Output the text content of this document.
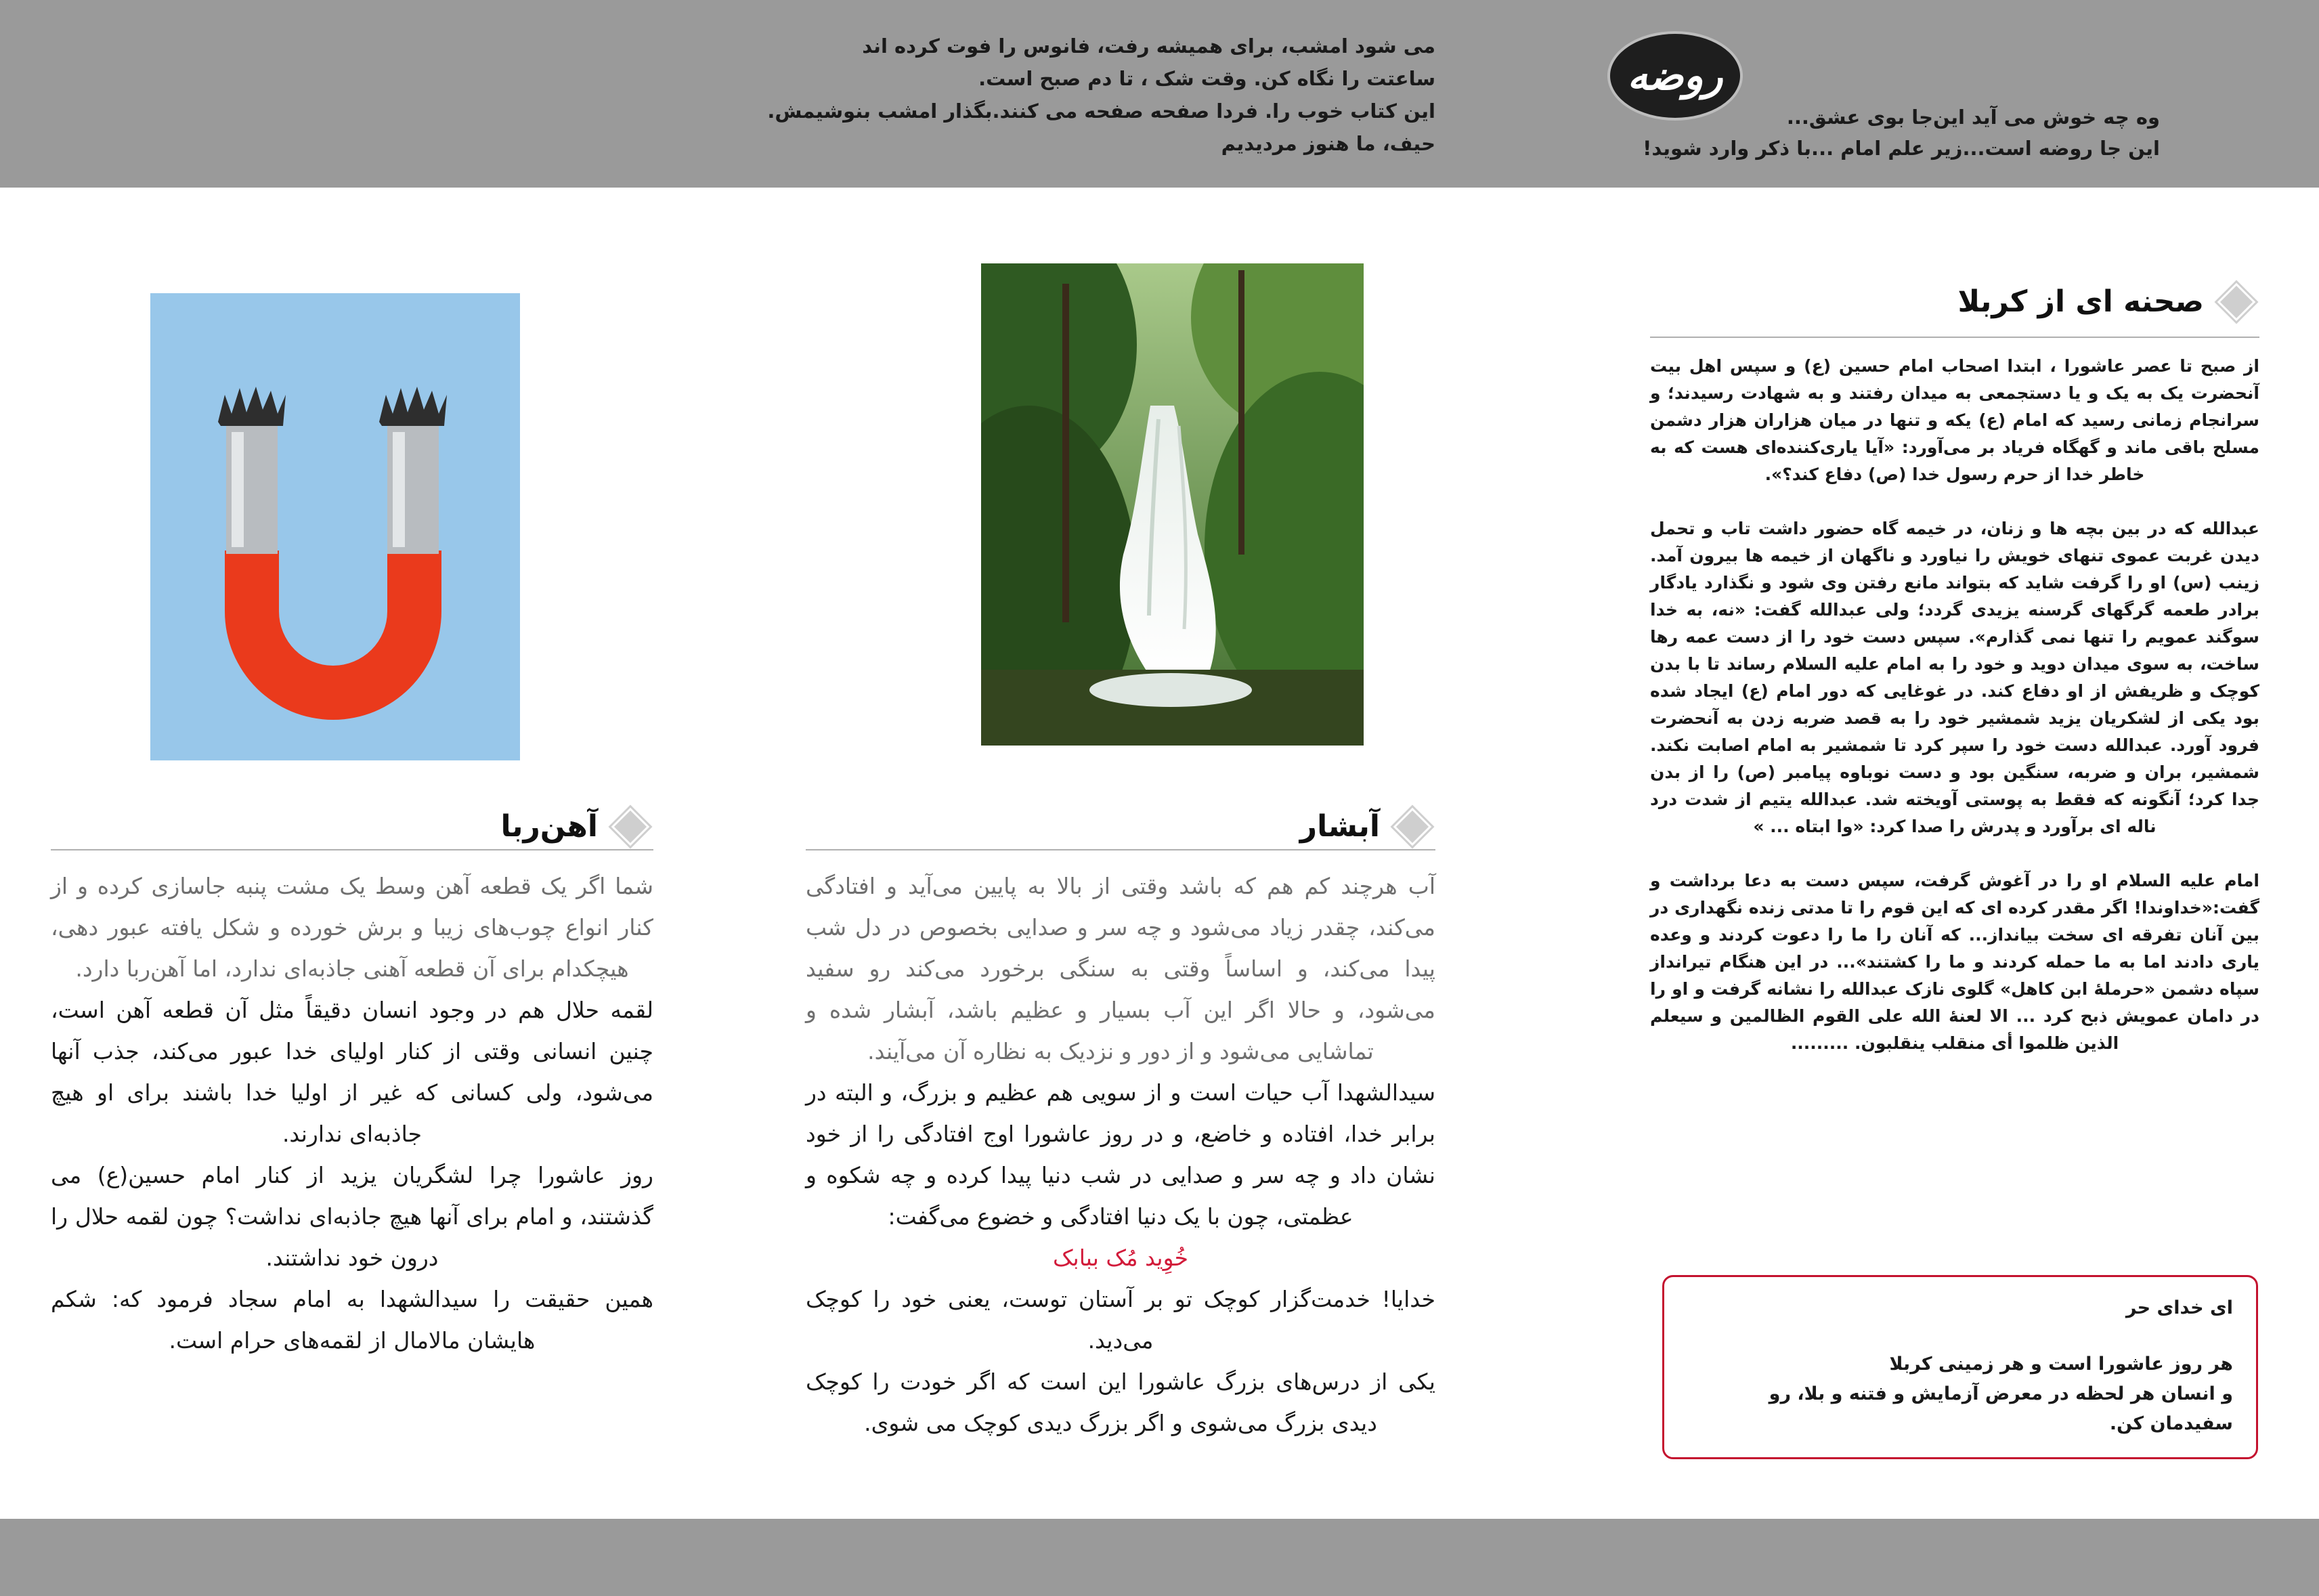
روضه
وه چه خوش می آید این‌جا بوی عشق...
این جا روضه است...زیر علم امام ...با ذکر وارد شوید!
می شود امشب، برای همیشه رفت، فانوس را فوت کرده اند
ساعتت را نگاه کن. وقت شک ، تا دم صبح است.
این کتاب خوب را. فردا صفحه صفحه می کنند.بگذار امشب بنوشیمش.
حیف، ما هنوز مردیدیم
صحنه ای از کربلا

از صبح تا عصر عاشورا ، ابتدا اصحاب امام حسین (ع) و سپس اهل بیت آنحضرت یک به یک و یا دستجمعی به میدان رفتند و به شهادت رسیدند؛ و سرانجام زمانی رسید که امام (ع) یکه و تنها در میان هزاران هزار دشمن مسلح باقی ماند و گهگاه فریاد بر می‌آورد: «آیا یاری‌کننده‌ای هست که به خاطر خدا از حرم رسول خدا (ص) دفاع کند؟».

عبدالله که در بین بچه ها و زنان، در خیمه گاه حضور داشت تاب و تحمل دیدن غربت عموی تنهای خویش را نیاورد و ناگهان از خیمه ها بیرون آمد. زینب (س) او را گرفت شاید که بتواند مانع رفتن وی شود و نگذارد یادگار برادر طعمه گرگهای گرسنه یزیدی گردد؛ ولی عبدالله گفت: «نه، به خدا سوگند عمویم را تنها نمی گذارم». سپس دست خود را از دست عمه رها ساخت، به سوی میدان دوید و خود را به امام علیه السلام رساند تا با بدن کوچک و ظریفش از او دفاع کند. در غوغایی که دور امام (ع) ایجاد شده بود یکی از لشکریان یزید شمشیر خود را به قصد ضربه زدن به آنحضرت فرود آورد. عبدالله دست خود را سپر کرد تا شمشیر به امام اصابت نکند. شمشیر، بران و ضربه، سنگین بود و دست نوباوه پیامبر (ص) را از بدن جدا کرد؛ آنگونه که فقط به پوستی آویخته شد. عبدالله یتیم از شدت درد ناله ای برآورد و پدرش را صدا کرد: «وا ابتاه ... »

امام علیه السلام او را در آغوش گرفت، سپس دست به دعا برداشت و گفت:«خداوندا! اگر مقدر کرده ای که این قوم را تا مدتی زنده نگهداری در بین آنان تفرقه ای سخت بیانداز... که آنان را ما را دعوت کردند و وعده یاری دادند اما به ما حمله کردند و ما را کشتند»... در این هنگام تیرانداز سپاه دشمن «حرملهٔ ابن کاهل» گلوی نازک عبدالله را نشانه گرفت و او را در دامان عمویش ذبح کرد ... الا لعنهٔ الله علی القوم الظالمین و سیعلم الذین ظلموا أی منقلب ینقلبون. .........

ای خدای حر
هر روز عاشورا است و هر زمینی کربلا
و انسان هر لحظه در معرض آزمایش و فتنه و بلا، رو سفیدمان کن.
آبشار

آب هرچند کم هم که باشد وقتی از بالا به پایین می‌آید و افتادگی می‌کند، چقدر زیاد می‌شود و چه سر و صدایی بخصوص در دل شب پیدا می‌کند، و اساساً وقتی به سنگی برخورد می‌کند رو سفید می‌شود، و حالا اگر این آب بسیار و عظیم باشد، آبشار شده و تماشایی می‌شود و از دور و نزدیک به نظاره آن می‌آیند.

سیدالشهدا آب حیات است و از سویی هم عظیم و بزرگ، و البته در برابر خدا، افتاده و خاضع، و در روز عاشورا اوج افتادگی را از خود نشان داد و چه سر و صدایی در شب دنیا پیدا کرده و چه شکوه و عظمتی، چون با یک دنیا افتادگی و خضوع می‌گفت:

خُوِید مُک ببابک

خدایا! خدمت‌گزار کوچک تو بر آستان توست، یعنی خود را کوچک می‌دید.

یکی از درس‌های بزرگ عاشورا این است که اگر خودت را کوچک دیدی بزرگ می‌شوی و اگر بزرگ دیدی کوچک می شوی.

آهن‌ربا

شما اگر یک قطعه آهن وسط یک مشت پنبه جاسازی کرده و از کنار انواع چوب‌های زیبا و برش خورده و شکل یافته عبور دهی، هیچکدام برای آن قطعه آهنی جاذبه‌ای ندارد، اما آهن‌ربا دارد.

لقمه حلال هم در وجود انسان دقیقاً مثل آن قطعه آهن است، چنین انسانی وقتی از کنار اولیای خدا عبور می‌کند، جذب آنها می‌شود، ولی کسانی که غیر از اولیا خدا باشند برای او هیچ جاذبه‌ای ندارند.

روز عاشورا چرا لشگریان یزید از کنار امام حسین(ع) می گذشتند، و امام برای آنها هیچ جاذبه‌ای نداشت؟ چون لقمه حلال را درون خود نداشتند.

همین حقیقت را سیدالشهدا به امام سجاد فرمود که: شکم هایشان مالامال از لقمه‌های حرام است.
